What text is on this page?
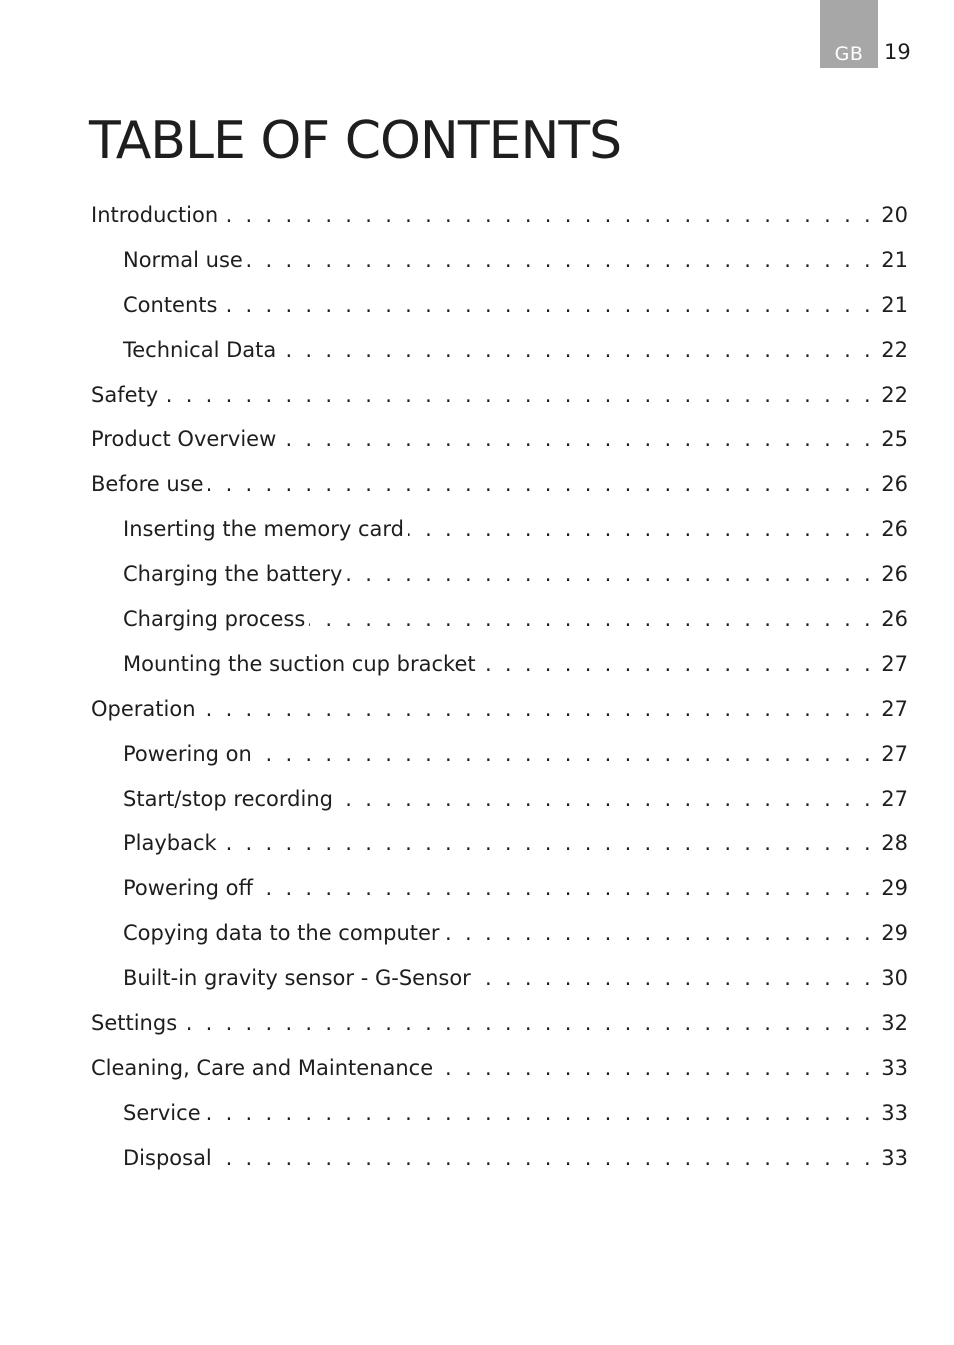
GB 19
TABLE OF CONTENTS
Introduction . . .	20
Normal use . . .	21
Contents . . .	21
Technical Data . . .	22
Safety . . .	22
Product Overview . . .	25
Before use . . .	26
Inserting the memory card . . .	26
Charging the battery . . .	26
Charging process . . .	26
Mounting the suction cup bracket . . .	27
Operation . . .	27
Powering on . . .	27
Start/stop recording . . .	27
Playback . . .	28
Powering off . . .	29
Copying data to the computer . . .	29
Built-in gravity sensor - G-Sensor . . .	30
Settings . . .	32
Cleaning, Care and Maintenance . . .	33
Service . . .	33
Disposal . . .	33
